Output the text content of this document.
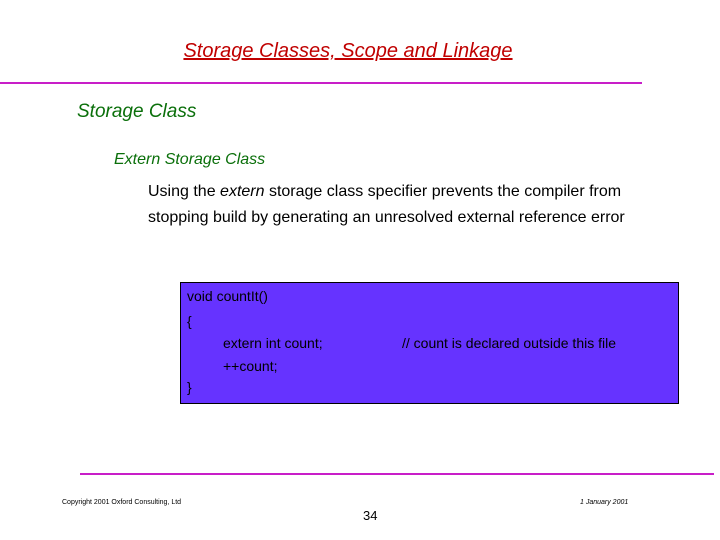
Storage Classes, Scope and Linkage
Storage Class
Extern Storage Class
Using the extern storage class specifier prevents the compiler from stopping build by generating an unresolved external reference error
void countIt()
{
extern int count;	// count is declared outside this file
++count;
}
Copyright 2001 Oxford Consulting, Ltd	1 January 2001
34
